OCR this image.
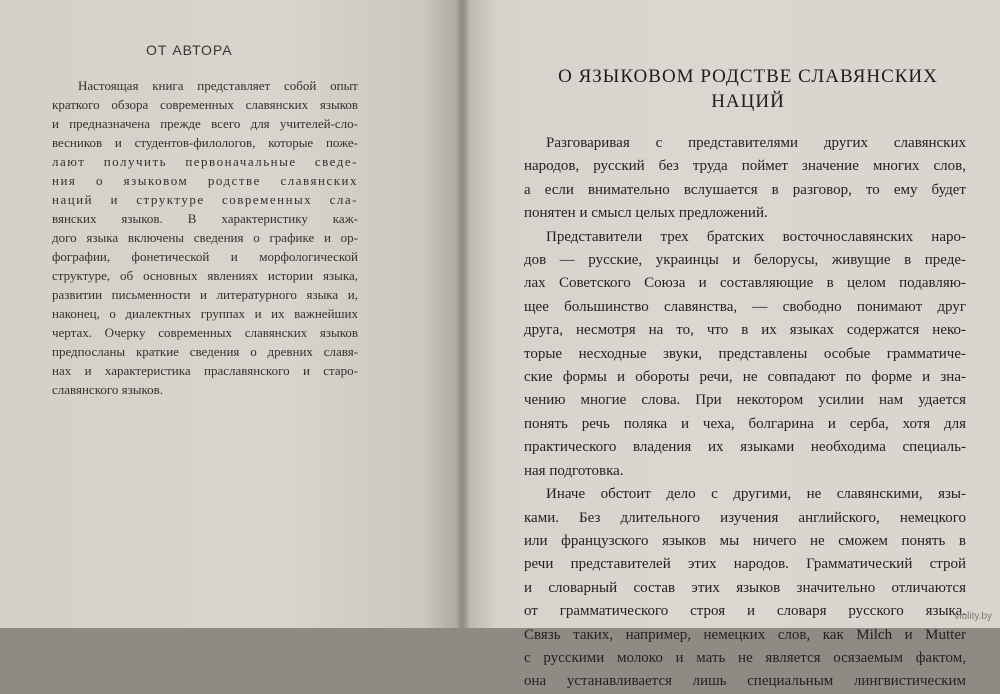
ОТ АВТОРА
Настоящая книга представляет собой опыт
краткого обзора современных славянских языков
и предназначена прежде всего для учителей-сло-
весников и студентов-филологов, которые поже-
лают получить первоначальные сведе-
ния о языковом родстве славянских
наций и структуре современных сла-
вянских языков. В характеристику каж-
дого языка включены сведения о графике и ор-
фографии, фонетической и морфологической
структуре, об основных явлениях истории языка,
развитии письменности и литературного языка и,
наконец, о диалектных группах и их важнейших
чертах. Очерку современных славянских языков
предпосланы краткие сведения о древних славя-
нах и характеристика праславянского и старо-
славянского языков.
О ЯЗЫКОВОМ РОДСТВЕ СЛАВЯНСКИХ
НАЦИЙ
Разговаривая с представителями других славянских
народов, русский без труда поймет значение многих слов,
а если внимательно вслушается в разговор, то ему будет
понятен и смысл целых предложений.
Представители трех братских восточнославянских наро-
дов — русские, украинцы и белорусы, живущие в преде-
лах Советского Союза и составляющие в целом подавляю-
щее большинство славянства, — свободно понимают друг
друга, несмотря на то, что в их языках содержатся неко-
торые несходные звуки, представлены особые грамматиче-
ские формы и обороты речи, не совпадают по форме и зна-
чению многие слова. При некотором усилии нам удается
понять речь поляка и чеха, болгарина и серба, хотя для
практического владения их языками необходима специаль-
ная подготовка.
Иначе обстоит дело с другими, не славянскими, язы-
ками. Без длительного изучения английского, немецкого
или французского языков мы ничего не сможем понять в
речи представителей этих народов. Грамматический строй
и словарный состав этих языков значительно отличаются
от грамматического строя и словаря русского языка.
Связь таких, например, немецких слов, как Milch и Mutter
с русскими молоко и мать не является осязаемым фактом,
она устанавливается лишь специальным лингвистическим
violity.by
